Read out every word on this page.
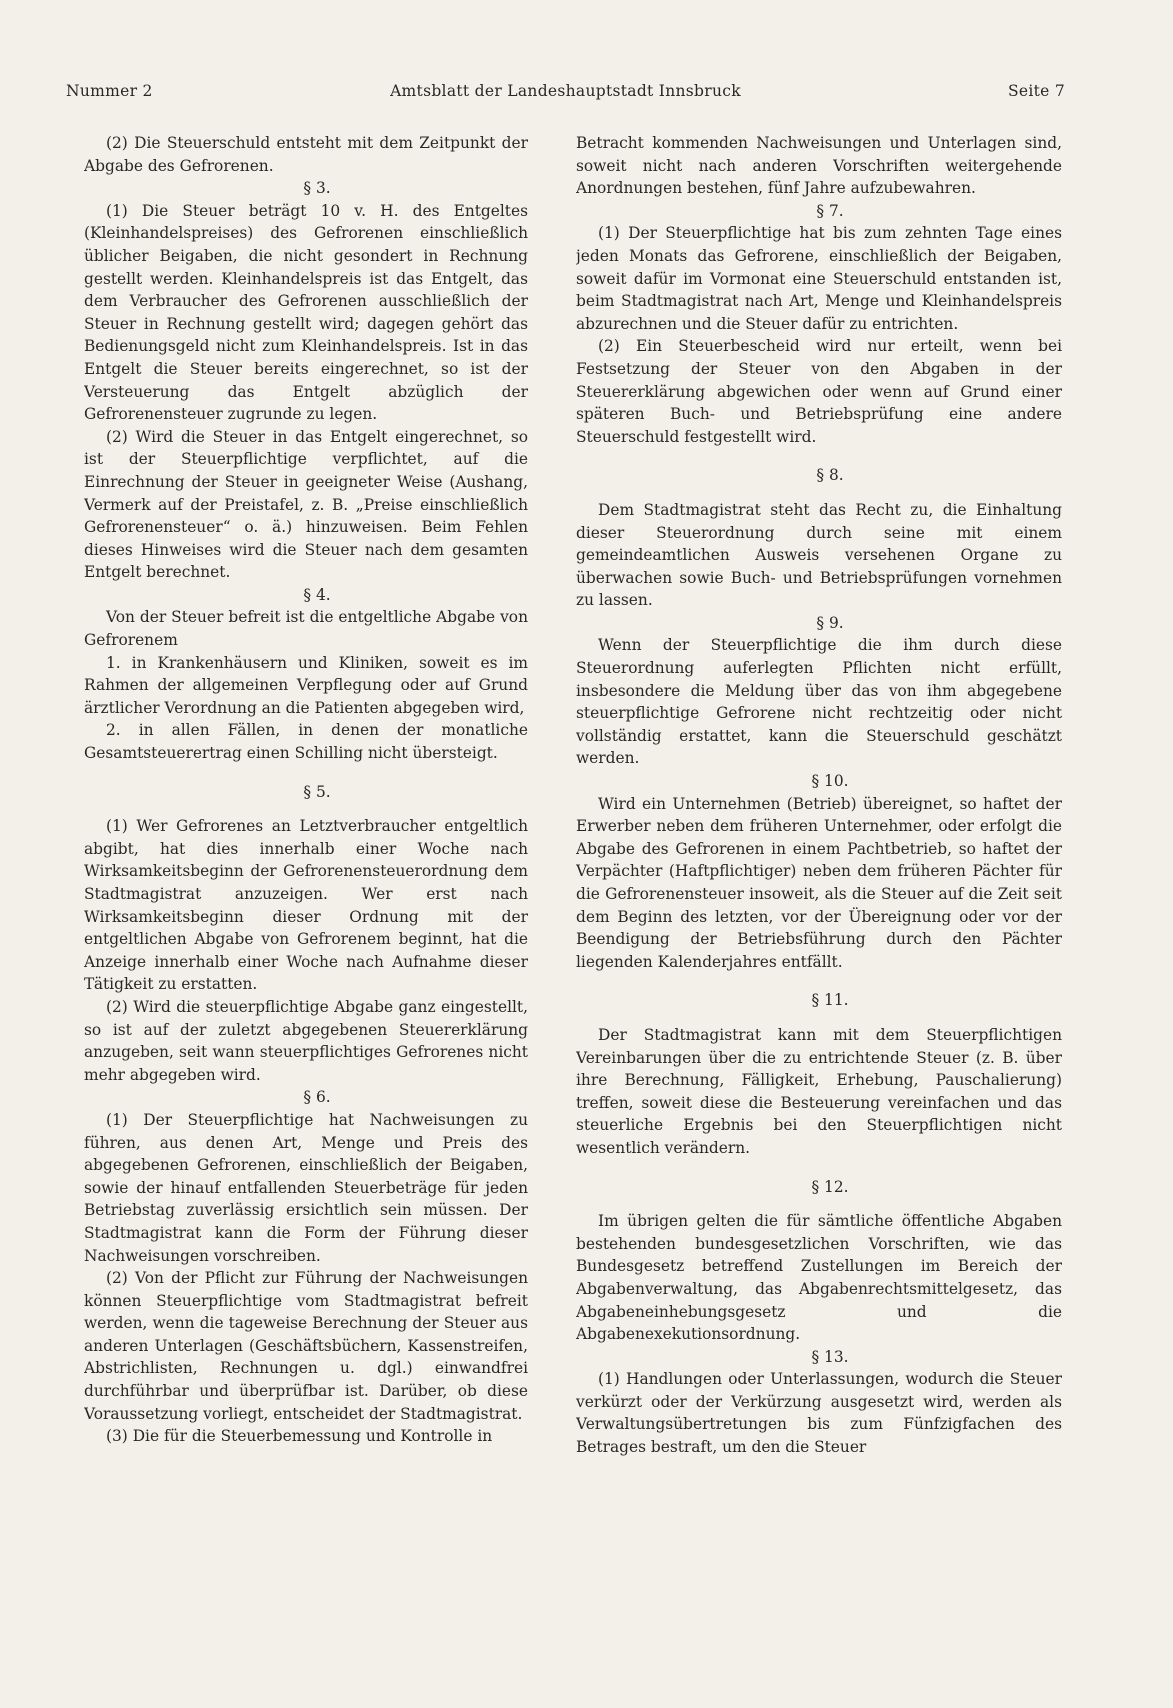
Nummer 2	Amtsblatt der Landeshauptstadt Innsbruck	Seite 7

(2) Die Steuerschuld entsteht mit dem Zeitpunkt der Abgabe des Gefrorenen.

§ 3.

(1) Die Steuer beträgt 10 v. H. des Entgeltes (Kleinhandelspreises) des Gefrorenen einschließlich üblicher Beigaben, die nicht gesondert in Rechnung gestellt werden. Kleinhandelspreis ist das Entgelt, das dem Verbraucher des Gefrorenen ausschließlich der Steuer in Rechnung gestellt wird; dagegen gehört das Bedienungsgeld nicht zum Kleinhandelspreis. Ist in das Entgelt die Steuer bereits eingerechnet, so ist der Versteuerung das Entgelt abzüglich der Gefrorenensteuer zugrunde zu legen.

(2) Wird die Steuer in das Entgelt eingerechnet, so ist der Steuerpflichtige verpflichtet, auf die Einrechnung der Steuer in geeigneter Weise (Aushang, Vermerk auf der Preistafel, z. B. „Preise einschließlich Gefrorenensteuer“ o. ä.) hinzuweisen. Beim Fehlen dieses Hinweises wird die Steuer nach dem gesamten Entgelt berechnet.

§ 4.

Von der Steuer befreit ist die entgeltliche Abgabe von Gefrorenem

1. in Krankenhäusern und Kliniken, soweit es im Rahmen der allgemeinen Verpflegung oder auf Grund ärztlicher Verordnung an die Patienten abgegeben wird,

2. in allen Fällen, in denen der monatliche Gesamtsteuerertrag einen Schilling nicht übersteigt.

§ 5.

(1) Wer Gefrorenes an Letztverbraucher entgeltlich abgibt, hat dies innerhalb einer Woche nach Wirksamkeitsbeginn der Gefrorenensteuerordnung dem Stadtmagistrat anzuzeigen. Wer erst nach Wirksamkeitsbeginn dieser Ordnung mit der entgeltlichen Abgabe von Gefrorenem beginnt, hat die Anzeige innerhalb einer Woche nach Aufnahme dieser Tätigkeit zu erstatten.

(2) Wird die steuerpflichtige Abgabe ganz eingestellt, so ist auf der zuletzt abgegebenen Steuererklärung anzugeben, seit wann steuerpflichtiges Gefrorenes nicht mehr abgegeben wird.

§ 6.

(1) Der Steuerpflichtige hat Nachweisungen zu führen, aus denen Art, Menge und Preis des abgegebenen Gefrorenen, einschließlich der Beigaben, sowie der hinauf entfallenden Steuerbeträge für jeden Betriebstag zuverlässig ersichtlich sein müssen. Der Stadtmagistrat kann die Form der Führung dieser Nachweisungen vorschreiben.

(2) Von der Pflicht zur Führung der Nachweisungen können Steuerpflichtige vom Stadtmagistrat befreit werden, wenn die tageweise Berechnung der Steuer aus anderen Unterlagen (Geschäftsbüchern, Kassenstreifen, Abstrichlisten, Rechnungen u. dgl.) einwandfrei durchführbar und überprüfbar ist. Darüber, ob diese Voraussetzung vorliegt, entscheidet der Stadtmagistrat.

(3) Die für die Steuerbemessung und Kontrolle in

Betracht kommenden Nachweisungen und Unterlagen sind, soweit nicht nach anderen Vorschriften weitergehende Anordnungen bestehen, fünf Jahre aufzubewahren.

§ 7.

(1) Der Steuerpflichtige hat bis zum zehnten Tage eines jeden Monats das Gefrorene, einschließlich der Beigaben, soweit dafür im Vormonat eine Steuerschuld entstanden ist, beim Stadtmagistrat nach Art, Menge und Kleinhandelspreis abzurechnen und die Steuer dafür zu entrichten.

(2) Ein Steuerbescheid wird nur erteilt, wenn bei Festsetzung der Steuer von den Abgaben in der Steuererklärung abgewichen oder wenn auf Grund einer späteren Buch- und Betriebsprüfung eine andere Steuerschuld festgestellt wird.

§ 8.

Dem Stadtmagistrat steht das Recht zu, die Einhaltung dieser Steuerordnung durch seine mit einem gemeindeamtlichen Ausweis versehenen Organe zu überwachen sowie Buch- und Betriebsprüfungen vornehmen zu lassen.

§ 9.

Wenn der Steuerpflichtige die ihm durch diese Steuerordnung auferlegten Pflichten nicht erfüllt, insbesondere die Meldung über das von ihm abgegebene steuerpflichtige Gefrorene nicht rechtzeitig oder nicht vollständig erstattet, kann die Steuerschuld geschätzt werden.

§ 10.

Wird ein Unternehmen (Betrieb) übereignet, so haftet der Erwerber neben dem früheren Unternehmer, oder erfolgt die Abgabe des Gefrorenen in einem Pachtbetrieb, so haftet der Verpächter (Haftpflichtiger) neben dem früheren Pächter für die Gefrorenensteuer insoweit, als die Steuer auf die Zeit seit dem Beginn des letzten, vor der Übereignung oder vor der Beendigung der Betriebsführung durch den Pächter liegenden Kalenderjahres entfällt.

§ 11.

Der Stadtmagistrat kann mit dem Steuerpflichtigen Vereinbarungen über die zu entrichtende Steuer (z. B. über ihre Berechnung, Fälligkeit, Erhebung, Pauschalierung) treffen, soweit diese die Besteuerung vereinfachen und das steuerliche Ergebnis bei den Steuerpflichtigen nicht wesentlich verändern.

§ 12.

Im übrigen gelten die für sämtliche öffentliche Abgaben bestehenden bundesgesetzlichen Vorschriften, wie das Bundesgesetz betreffend Zustellungen im Bereich der Abgabenverwaltung, das Abgabenrechtsmittelgesetz, das Abgabeneinhebungsgesetz und die Abgabenexekutionsordnung.

§ 13.

(1) Handlungen oder Unterlassungen, wodurch die Steuer verkürzt oder der Verkürzung ausgesetzt wird, werden als Verwaltungsübertretungen bis zum Fünfzigfachen des Betrages bestraft, um den die Steuer
